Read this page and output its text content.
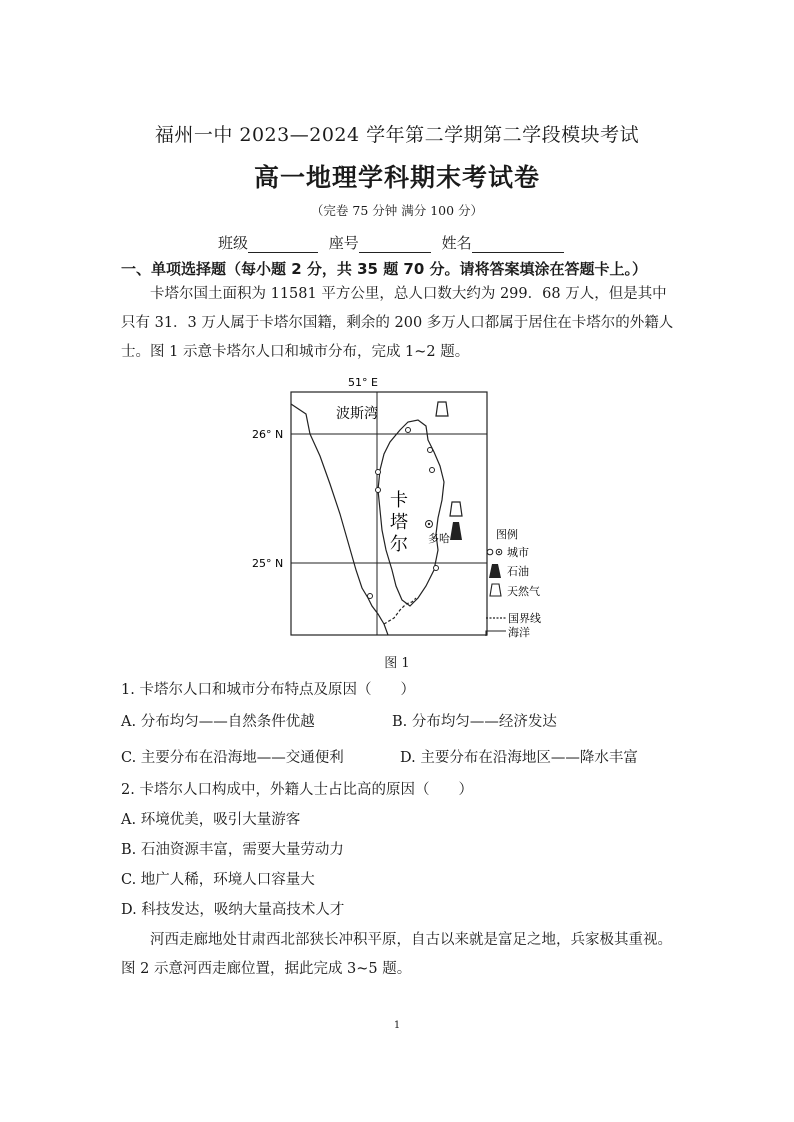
福州一中 2023—2024 学年第二学期第二学段模块考试
高一地理学科期末考试卷
（完卷 75 分钟 满分 100 分）
班级	座号	姓名
一、单项选择题（每小题 2 分，共 35 题 70 分。请将答案填涂在答题卡上。）
卡塔尔国土面积为 11581 平方公里，总人口数大约为 299．68 万人，但是其中只有 31．3 万人属于卡塔尔国籍，剩余的 200 多万人口都属于居住在卡塔尔的外籍人士。图 1 示意卡塔尔人口和城市分布，完成 1~2 题。
51° E
26° N
25° N
波斯湾
卡
塔
尔 多哈	图例
城市
石油
天然气
国界线
海洋
图 1
1. 卡塔尔人口和城市分布特点及原因（　　）
A. 分布均匀——自然条件优越	B. 分布均匀——经济发达
C. 主要分布在沿海地——交通便利	D. 主要分布在沿海地区——降水丰富
2. 卡塔尔人口构成中，外籍人士占比高的原因（　　）
A. 环境优美，吸引大量游客
B. 石油资源丰富，需要大量劳动力
C. 地广人稀，环境人口容量大
D. 科技发达，吸纳大量高技术人才
河西走廊地处甘肃西北部狭长冲积平原，自古以来就是富足之地，兵家极其重视。图 2 示意河西走廊位置，据此完成 3~5 题。
1
